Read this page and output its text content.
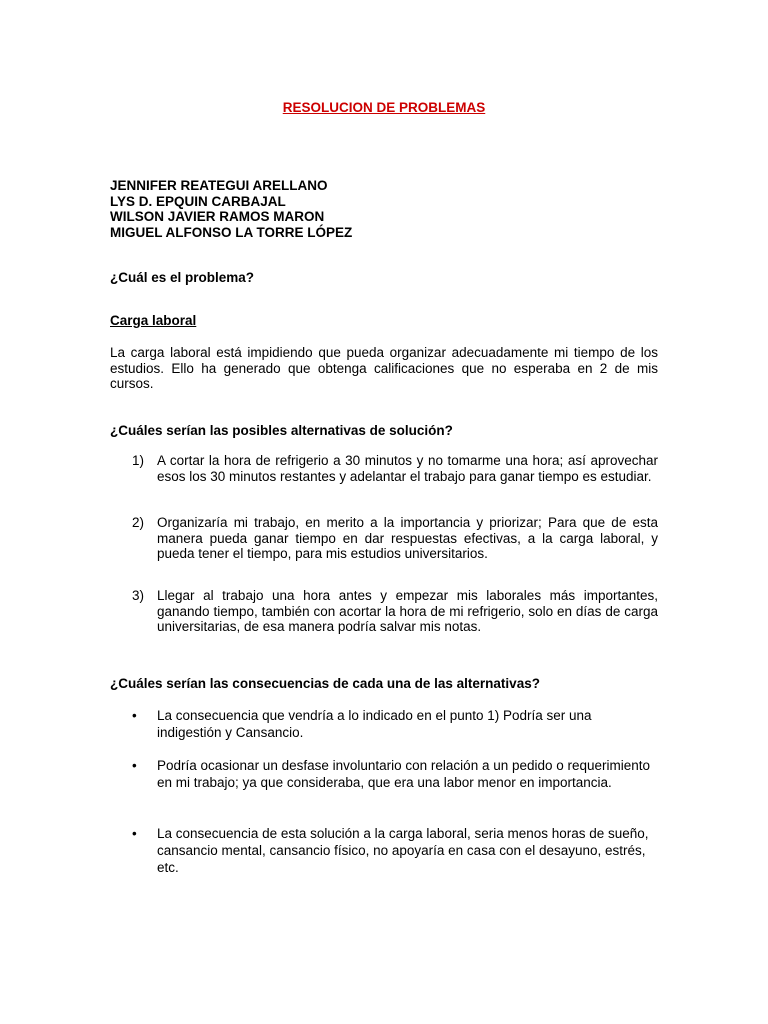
RESOLUCION DE PROBLEMAS
JENNIFER REATEGUI ARELLANO
LYS D. EPQUIN CARBAJAL
WILSON JAVIER RAMOS MARON
MIGUEL ALFONSO LA TORRE LÓPEZ
¿Cuál es el problema?
Carga laboral
La carga laboral está impidiendo que pueda organizar adecuadamente mi tiempo de los estudios. Ello ha generado que obtenga calificaciones que no esperaba en 2 de mis cursos.
¿Cuáles serían las posibles alternativas de solución?
1) A cortar la hora de refrigerio a 30 minutos y no tomarme una hora; así aprovechar esos los 30 minutos restantes y adelantar el trabajo para ganar tiempo es estudiar.
2) Organizaría mi trabajo, en merito a la importancia y priorizar; Para que de esta manera pueda ganar tiempo en dar respuestas efectivas, a la carga laboral, y pueda tener el tiempo, para mis estudios universitarios.
3) Llegar al trabajo una hora antes y empezar mis laborales más importantes, ganando tiempo, también con acortar la hora de mi refrigerio, solo en días de carga universitarias, de esa manera podría salvar mis notas.
¿Cuáles serían las consecuencias de cada una de las alternativas?
• La consecuencia que vendría a lo indicado en el punto 1) Podría ser una indigestión y Cansancio.
• Podría ocasionar un desfase involuntario con relación a un pedido o requerimiento en mi trabajo; ya que consideraba, que era una labor menor en importancia.
• La consecuencia de esta solución a la carga laboral, seria menos horas de sueño, cansancio mental, cansancio físico, no apoyaría en casa con el desayuno, estrés, etc.
